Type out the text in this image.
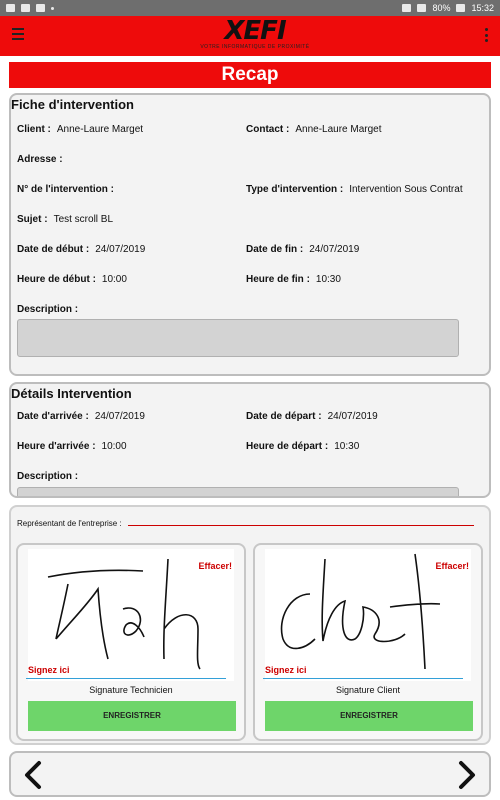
80% 15:32
XEFI
VOTRE INFORMATIQUE DE PROXIMITÉ
Recap
Fiche d'intervention
Client : Anne-Laure Marget	Contact : Anne-Laure Marget
Adresse :
N° de l'intervention :	Type d'intervention : Intervention Sous Contrat
Sujet : Test scroll BL
Date de début : 24/07/2019	Date de fin : 24/07/2019
Heure de début : 10:00	Heure de fin : 10:30
Description :
Détails Intervention
Date d'arrivée : 24/07/2019	Date de départ : 24/07/2019
Heure d'arrivée : 10:00	Heure de départ : 10:30
Description :
Représentant de l'entreprise :
Effacer!
Signez ici
Signature Technicien
ENREGISTRER
Effacer!
Signez ici
Signature Client
ENREGISTRER
